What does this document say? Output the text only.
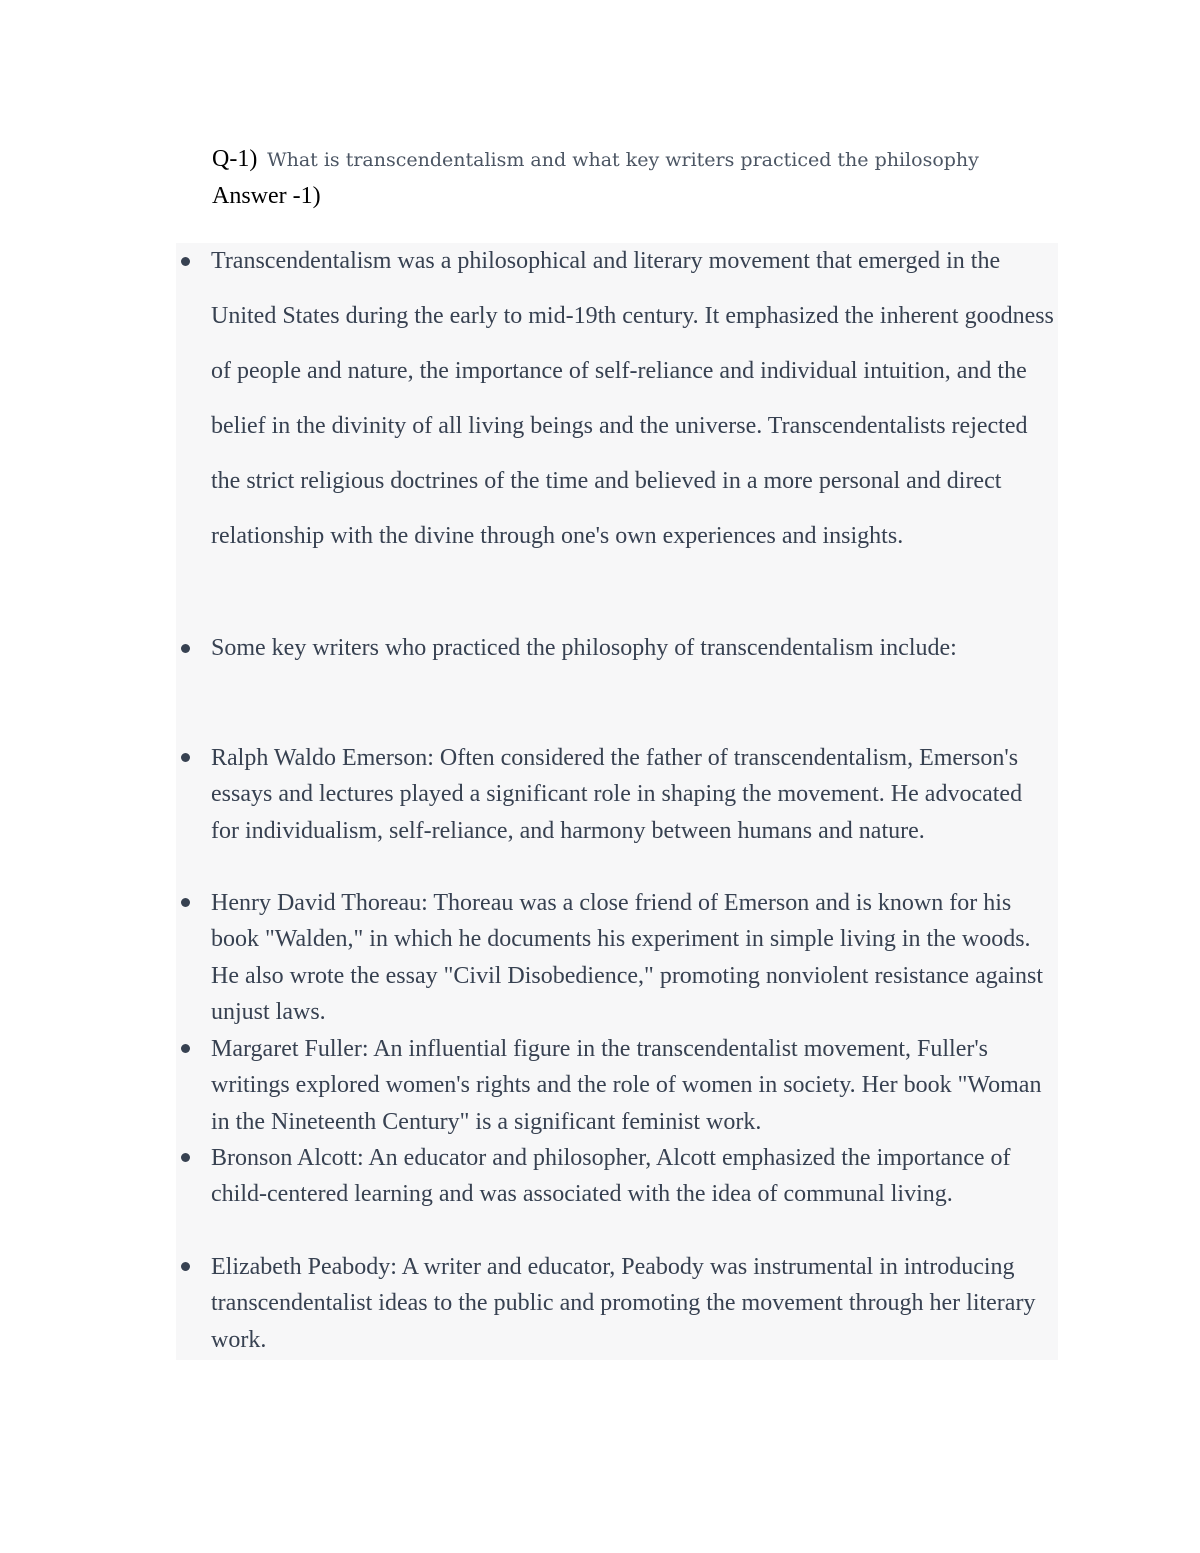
Q-1) What is transcendentalism and what key writers practiced the philosophy
Answer -1)
Transcendentalism was a philosophical and literary movement that emerged in the United States during the early to mid-19th century. It emphasized the inherent goodness of people and nature, the importance of self-reliance and individual intuition, and the belief in the divinity of all living beings and the universe. Transcendentalists rejected the strict religious doctrines of the time and believed in a more personal and direct relationship with the divine through one's own experiences and insights.
Some key writers who practiced the philosophy of transcendentalism include:
Ralph Waldo Emerson: Often considered the father of transcendentalism, Emerson's essays and lectures played a significant role in shaping the movement. He advocated for individualism, self-reliance, and harmony between humans and nature.
Henry David Thoreau: Thoreau was a close friend of Emerson and is known for his book "Walden," in which he documents his experiment in simple living in the woods. He also wrote the essay "Civil Disobedience," promoting nonviolent resistance against unjust laws.
Margaret Fuller: An influential figure in the transcendentalist movement, Fuller's writings explored women's rights and the role of women in society. Her book "Woman in the Nineteenth Century" is a significant feminist work.
Bronson Alcott: An educator and philosopher, Alcott emphasized the importance of child-centered learning and was associated with the idea of communal living.
Elizabeth Peabody: A writer and educator, Peabody was instrumental in introducing transcendentalist ideas to the public and promoting the movement through her literary work.
